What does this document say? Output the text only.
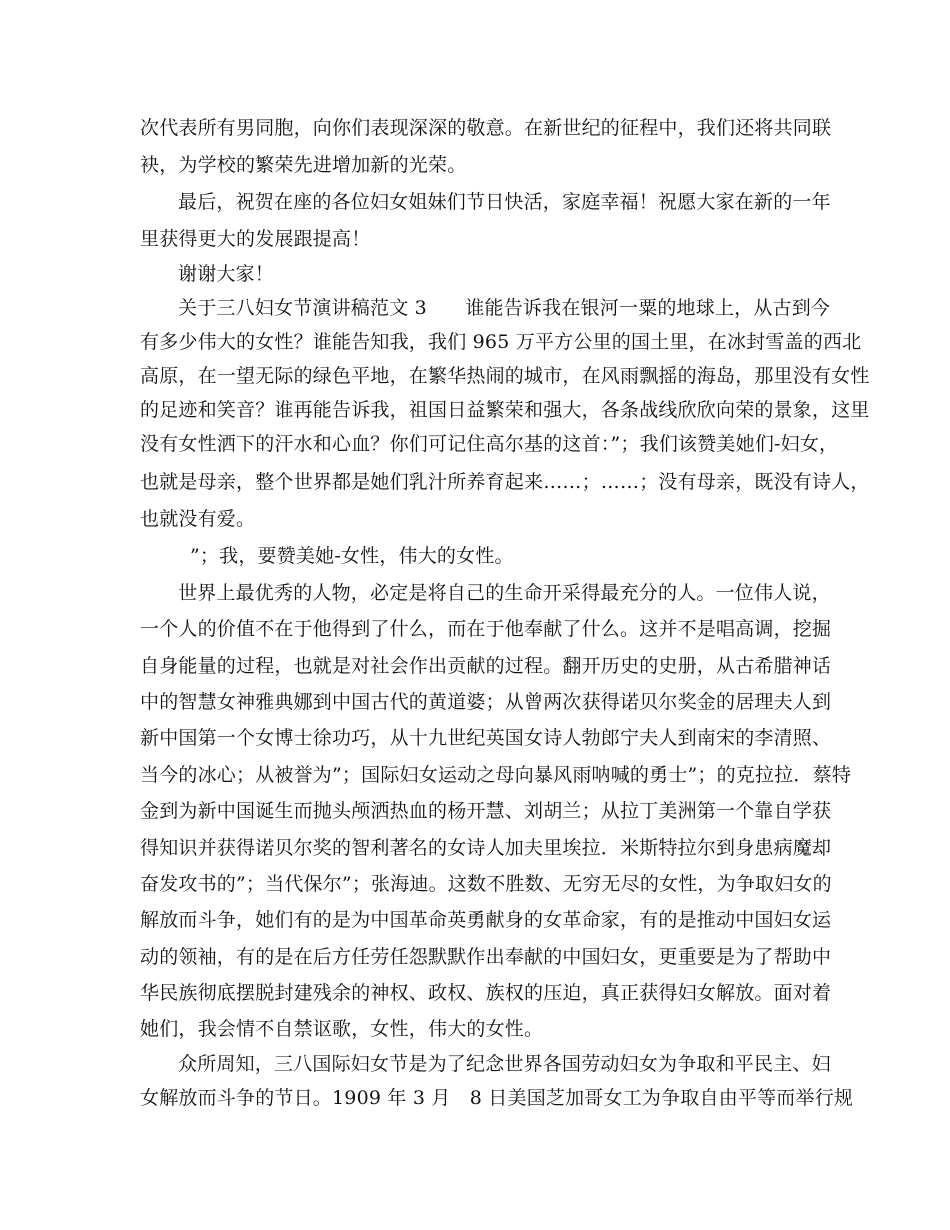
次代表所有男同胞，向你们表现深深的敬意。在新世纪的征程中，我们还将共同联
袂，为学校的繁荣先进增加新的光荣。
最后，祝贺在座的各位妇女姐妹们节日快活，家庭幸福！祝愿大家在新的一年
里获得更大的发展跟提高！
谢谢大家！
关于三八妇女节演讲稿范文 3　　谁能告诉我在银河一粟的地球上，从古到今
有多少伟大的女性？谁能告知我，我们 965 万平方公里的国土里，在冰封雪盖的西北
高原，在一望无际的绿色平地，在繁华热闹的城市，在风雨飘摇的海岛，那里没有女性
的足迹和笑音？谁再能告诉我，祖国日益繁荣和强大，各条战线欣欣向荣的景象，这里
没有女性洒下的汗水和心血？你们可记住高尔基的这首：”；我们该赞美她们-妇女，
也就是母亲，整个世界都是她们乳汁所养育起来……；……；没有母亲，既没有诗人，
也就没有爱。
”；我，要赞美她-女性，伟大的女性。
世界上最优秀的人物，必定是将自己的生命开采得最充分的人。一位伟人说，
一个人的价值不在于他得到了什么，而在于他奉献了什么。这并不是唱高调，挖掘
自身能量的过程，也就是对社会作出贡献的过程。翻开历史的史册，从古希腊神话
中的智慧女神雅典娜到中国古代的黄道婆；从曾两次获得诺贝尔奖金的居理夫人到
新中国第一个女博士徐功巧，从十九世纪英国女诗人勃郎宁夫人到南宋的李清照、
当今的冰心；从被誉为”；国际妇女运动之母向暴风雨呐喊的勇士”；的克拉拉．蔡特
金到为新中国诞生而抛头颅洒热血的杨开慧、刘胡兰；从拉丁美洲第一个靠自学获
得知识并获得诺贝尔奖的智利著名的女诗人加夫里埃拉．米斯特拉尔到身患病魔却
奋发攻书的”；当代保尔”；张海迪。这数不胜数、无穷无尽的女性，为争取妇女的
解放而斗争，她们有的是为中国革命英勇献身的女革命家，有的是推动中国妇女运
动的领袖，有的是在后方任劳任怨默默作出奉献的中国妇女，更重要是为了帮助中
华民族彻底摆脱封建残余的神权、政权、族权的压迫，真正获得妇女解放。面对着
她们，我会情不自禁讴歌，女性，伟大的女性。
众所周知，三八国际妇女节是为了纪念世界各国劳动妇女为争取和平民主、妇
女解放而斗争的节日。1909 年 3 月　8 日美国芝加哥女工为争取自由平等而举行规
